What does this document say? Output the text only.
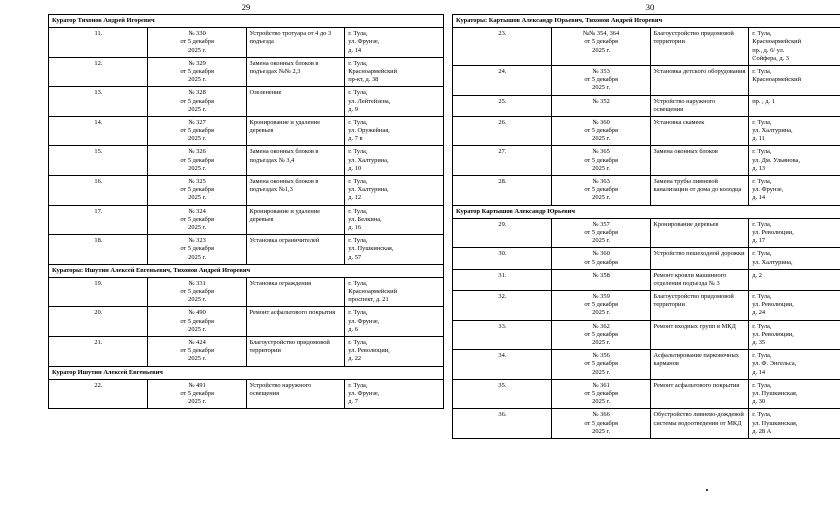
29
Куратор Тихонов Андрей Игоревич			
11.	№ 330
от 5 декабря
2025 г.	Устройство тротуара от 4 до 3 подъезда	г. Тула,
ул. Фрунзе,
д. 14

12.	№ 329
от 5 декабря
2025 г.	Замена оконных блоков в подъездах №№ 2,3	г. Тула,
Красноармейский
пр-кт, д. 38

13.	№ 328
от 5 декабря
2025 г.	Озеленение	г. Тула,
ул. Лейтейзена,
д. 9

14.	№ 327
от 5 декабря
2025 г.	Кронирование и удаление деревьев	г. Тула,
ул. Оружейная,
д. 7 в

15.	№ 326
от 5 декабря
2025 г.	Замена оконных блоков в подъездах № 3,4	г. Тула,
ул. Халтурина,
д. 10

16.	№ 325
от 5 декабря
2025 г.	Замена оконных блоков в подъездах №1,3	г. Тула,
ул. Халтурина,
д. 12

17.	№ 324
от 5 декабря
2025 г.	Кронирование и удаление деревьев	г. Тула,
ул. Белкина,
д. 16

18.	№ 323
от 5 декабря
2025 г.	Установка ограничителей	г. Тула,
ул. Пушкинская,
д. 57

Кураторы: Ишутин Алексей Евгеньевич, Тихонов Андрей Игоревич			
19.	№ 331
от 5 декабря
2025 г.	Установка ограждения	г. Тула,
Красноармейский
проспект, д. 21

20.	№ 490
от 5 декабря
2025 г.	Ремонт асфальтового покрытия	г. Тула,
ул. Фрунзе,
д. 6

21.	№ 424
от 5 декабря
2025 г.	Благоустройство придомовой территории	г. Тула,
ул. Революции,
д. 22

Куратор Ишутин Алексей Евгеньевич			
22.	№ 491
от 5 декабря
2025 г.	Устройство наружного освещения	г. Тула,
ул. Фрунзе,
д. 7
30
Кураторы: Картышов Александр Юрьевич, Тихонов Андрей Игоревич			
23.	№№ 354, 364
от 5 декабря
2025 г.	Благоустройство придомовой территории	г. Тула,
Красноармейский
пр., д. 6/ ул.
Сойфера, д. 3

24.	№ 353
от 5 декабря
2025 г.	Установка детского оборудования	г. Тула,
Красноармейский

25.	№ 352	Устройство наружного освещения	пр. , д. 1

26.	№ 360
от 5 декабря
2025 г.	Установка скамеек	г. Тула,
ул. Халтурина,
д. 11

27.	№ 365
от 5 декабря
2025 г.	Замена оконных блоков	г. Тула,
ул. Дм. Ульянова,
д. 13

28.	№ 363
от 5 декабря
2025 г.	Замена трубы ливневой канализации от дома до колодца	г. Тула,
ул. Фрунзе,
д. 14

Куратор Картышов Александр Юрьевич			
29.	№ 357
от 5 декабря
2025 г.	Кронирование деревьев	г. Тула,
ул. Революции,
д. 17

30.	№ 360
от 5 декабря	Устройство пешеходной дорожки	г. Тула,
ул. Халтурина,

31.	№ 358	Ремонт кровли машинного отделения подъезда № 3	д. 2

32.	№ 359
от 5 декабря
2025 г.	Благоустройство придомовой территории	г. Тула,
ул. Революции,
д. 24

33.	№ 362
от 5 декабря
2025 г.	Ремонт входных групп в МКД	г. Тула,
ул. Революции,
д. 35

34.	№ 356
от 5 декабря
2025 г.	Асфальтирование парковочных карманов	г. Тула,
ул. Ф. Энгельса,
д. 14

35.	№ 361
от 5 декабря
2025 г.	Ремонт асфальтового покрытия	г. Тула,
ул. Пушкинская,
д. 30

36.	№ 366
от 5 декабря
2025 г.	Обустройство ливнево-дождевой системы водоотведения от МКД	г. Тула,
ул. Пушкинская,
д. 28 А
